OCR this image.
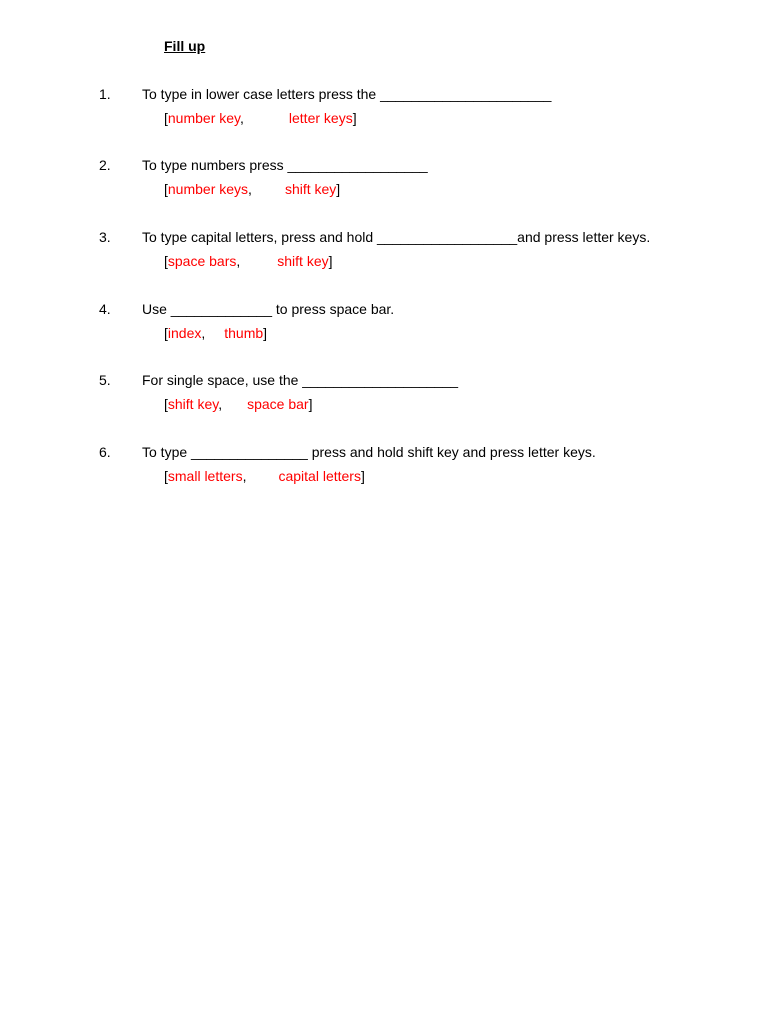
Fill up
1. To type in lower case letters press the ______________________
[number key,	letter keys]
2. To type numbers press __________________
[number keys, shift key]
3. To type capital letters, press and hold __________________and press letter keys.
[space bars,	shift key]
4. Use _____________ to press space bar.
[index, thumb]
5. For single space, use the ____________________
[shift key, space bar]
6. To type _______________ press and hold shift key and press letter keys.
[small letters, capital letters]
